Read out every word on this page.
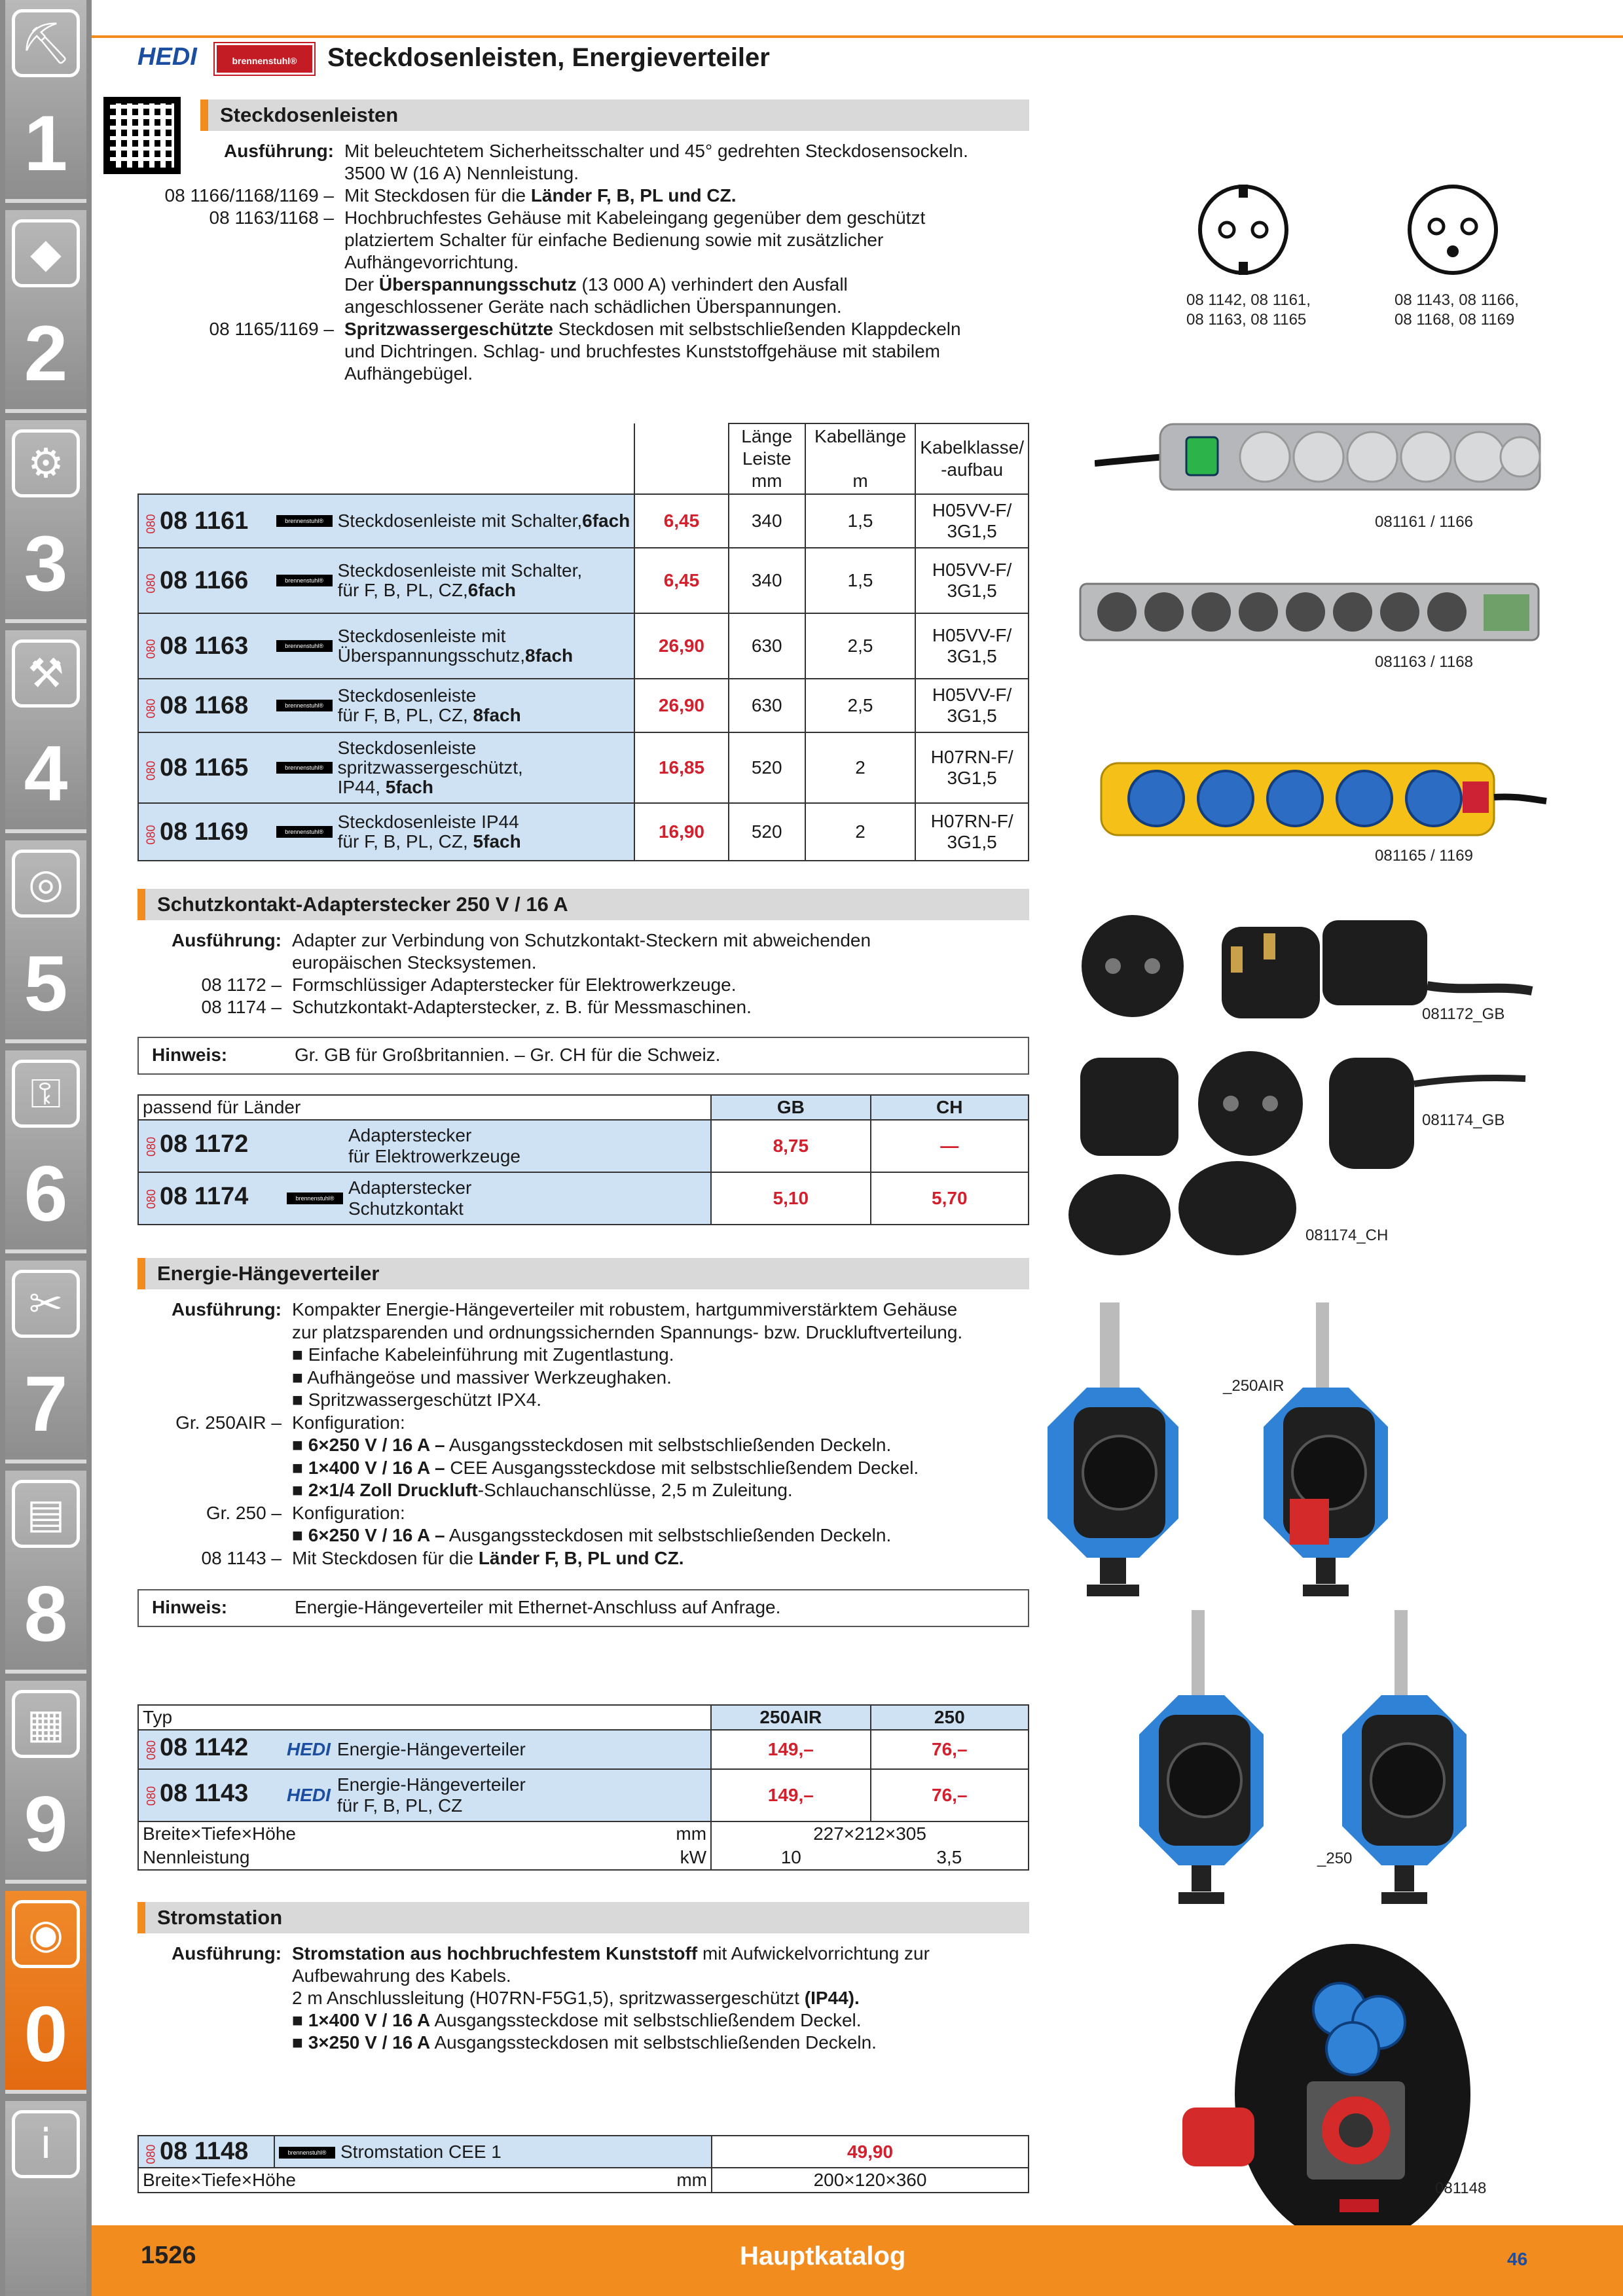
⛏
1
◆
2
⚙
3
⚒
4
◎
5
⚿
6
✂
7
▤
8
▦
9
◉
0
i
HEDI	brennenstuhl®	Steckdosenleisten, Energieverteiler
Steckdosenleisten
Ausführung: Mit beleuchtetem Sicherheitsschalter und 45° gedrehten Steckdosensockeln.
3500 W (16 A) Nennleistung.
08 1166/1168/1169 – Mit Steckdosen für die Länder F, B, PL und CZ.
08 1163/1168 – Hochbruchfestes Gehäuse mit Kabeleingang gegenüber dem geschützt
platziertem Schalter für einfache Bedienung sowie mit zusätzlicher
Aufhängevorrichtung.
Der Überspannungsschutz (13 000 A) verhindert den Ausfall
angeschlossener Geräte nach schädlichen Überspannungen.
08 1165/1169 – Spritzwassergeschützte Steckdosen mit selbstschließenden Klappdeckeln
und Dichtringen. Schlag- und bruchfestes Kunststoffgehäuse mit stabilem
Aufhängebügel.
08 1142, 08 1161,
08 1163, 08 1165
08 1143, 08 1166,
08 1168, 08 1169
			Länge
Leiste
mm	Kabellänge

m	Kabelklasse/
-aufbau
08008 1161	brennenstuhl® Steckdosenleiste mit Schalter,6fach	6,45	340	1,5	H05VV-F/
3G1,5
08008 1166	brennenstuhl® Steckdosenleiste mit Schalter,
für F, B, PL, CZ,6fach	6,45	340	1,5	H05VV-F/
3G1,5
08008 1163	brennenstuhl® Steckdosenleiste mit
Überspannungsschutz,8fach	26,90	630	2,5	H05VV-F/
3G1,5
08008 1168	brennenstuhl® Steckdosenleiste
für F, B, PL, CZ, 8fach	26,90	630	2,5	H05VV-F/
3G1,5
08008 1165	brennenstuhl®
Steckdosenleiste
spritzwassergeschützt,
IP44, 5fach	16,85	520	2	H07RN-F/
3G1,5
08008 1169	brennenstuhl® Steckdosenleiste IP44
für F, B, PL, CZ, 5fach	16,90	520	2	H07RN-F/
3G1,5
081161 / 1166
081163 / 1168
081165 / 1169
Schutzkontakt-Adapterstecker 250 V / 16 A
Ausführung: Adapter zur Verbindung von Schutzkontakt-Steckern mit abweichenden
europäischen Stecksystemen.
08 1172 – Formschlüssiger Adapterstecker für Elektrowerkzeuge.
08 1174 – Schutzkontakt-Adapterstecker, z. B. für Messmaschinen.
Hinweis:	Gr. GB für Großbritannien. – Gr. CH für die Schweiz.
passend für Länder	GB	CH

08008 1172 Adapterstecker
für Elektrowerkzeuge	8,75	—

08008 1174 brennenstuhl®
Adapterstecker
Schutzkontakt	5,10	5,70
081172_GB
081174_GB
081174_CH
Energie-Hängeverteiler
Ausführung: Kompakter Energie-Hängeverteiler mit robustem, hartgummiverstärktem Gehäuse
zur platzsparenden und ordnungssichernden Spannungs- bzw. Druckluftverteilung.
■ Einfache Kabeleinführung mit Zugentlastung.
■ Aufhängeöse und massiver Werkzeughaken.
■ Spritzwassergeschützt IPX4.
Gr. 250AIR – Konfiguration:
■ 6×250 V / 16 A – Ausgangssteckdosen mit selbstschließenden Deckeln.
■ 1×400 V / 16 A – CEE Ausgangssteckdose mit selbstschließendem Deckel.
■ 2×1/4 Zoll Druckluft-Schlauchanschlüsse, 2,5 m Zuleitung.
Gr. 250 – Konfiguration:
■ 6×250 V / 16 A – Ausgangssteckdosen mit selbstschließenden Deckeln.
08 1143 – Mit Steckdosen für die Länder F, B, PL und CZ.
Hinweis:	Energie-Hängeverteiler mit Ethernet-Anschluss auf Anfrage.
Typ	250AIR	250

08008 1142 HEDI Energie-Hängeverteiler	149,–	76,–

08008 1143 HEDI
Energie-Hängeverteiler
für F, B, PL, CZ	149,–	76,–
Breite×Tiefe×Höhe mm	227×212×305	
Nennleistung kW	10	3,5
_250AIR
_250
Stromstation
Ausführung: Stromstation aus hochbruchfestem Kunststoff mit Aufwickelvorrichtung zur
Aufbewahrung des Kabels.
2 m Anschlussleitung (H07RN-F5G1,5), spritzwassergeschützt (IP44).
■ 1×400 V / 16 A Ausgangssteckdose mit selbstschließendem Deckel.
■ 3×250 V / 16 A Ausgangssteckdosen mit selbstschließenden Deckeln.
08008 1148	brennenstuhl® Stromstation CEE 1	49,90
Breite×Tiefe×Höhe mm		200×120×360	081148
1526	Hauptkatalog	46
